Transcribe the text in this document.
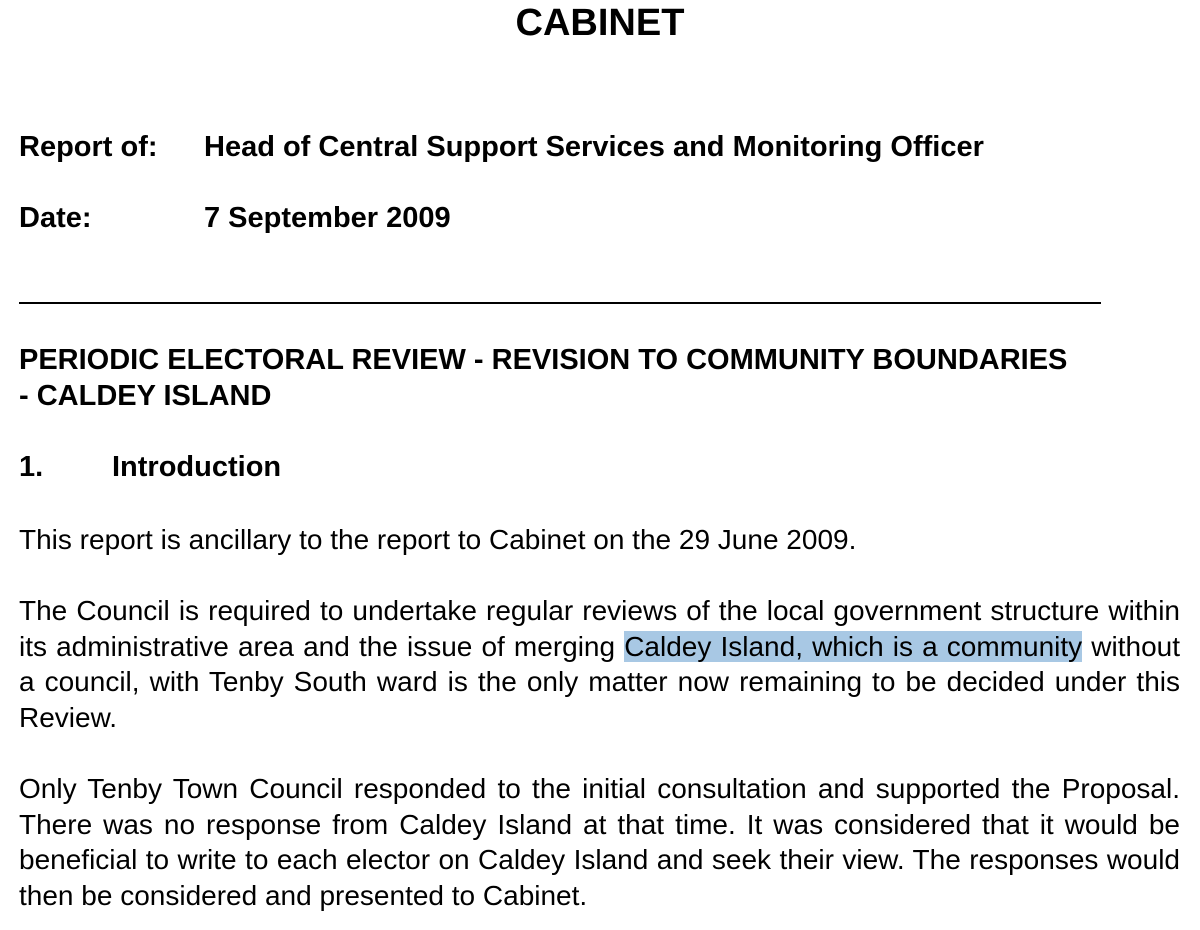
CABINET
Report of: Head of Central Support Services and Monitoring Officer
Date:	7 September 2009
PERIODIC ELECTORAL REVIEW - REVISION TO COMMUNITY BOUNDARIES
- CALDEY ISLAND
1. Introduction
This report is ancillary to the report to Cabinet on the 29 June 2009.
The Council is required to undertake regular reviews of the local government structure within its administrative area and the issue of merging Caldey Island, which is a community without a council, with Tenby South ward is the only matter now remaining to be decided under this Review.
Only Tenby Town Council responded to the initial consultation and supported the Proposal. There was no response from Caldey Island at that time. It was considered that it would be beneficial to write to each elector on Caldey Island and seek their view. The responses would then be considered and presented to Cabinet.
